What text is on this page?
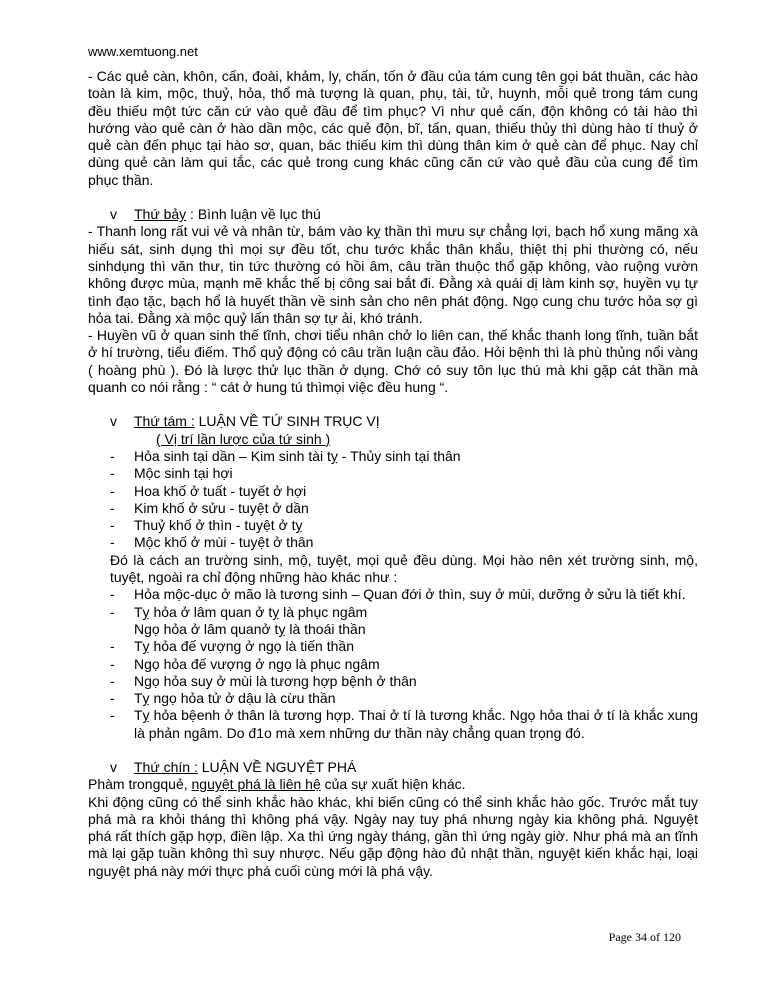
www.xemtuong.net

- Các quẻ càn, khôn, cấn, đoài, khảm, ly, chấn, tốn ở đầu của tám cung tên gọi bát thuần, các hào toàn là kim, mộc, thuỷ, hỏa, thổ mà tượng là quan, phụ, tài, tử, huynh, mỗi quẻ trong tám cung đều thiếu một tức căn cứ vào quẻ đầu để tìm phục? Vì như quẻ cấn, độn không có tài hào thì hướng vào quẻ càn ở hào dần mộc, các quẻ độn, bĩ, tấn, quan, thiếu thủy thì dùng hào tí thuỷ ở quẻ càn đến phục tại hào sơ, quan, bác thiếu kim thì dùng thân kim ở quẻ càn để phục. Nay chỉ dùng quẻ càn làm qui tắc, các quẻ trong cung khác cũng căn cứ vào quẻ đầu của cung để tìm phục thần.

v Thứ bảy : Bình luận về lục thú

- Thanh long rất vui vẻ và nhân từ, bám vào kỵ thần thì mưu sự chẳng lợi, bạch hổ xung mãng xà hiếu sát, sinh dụng thì mọi sự đều tốt, chu tước khắc thân khẩu, thiệt thị phi thường có, nếu sinhdụng thì văn thư, tin tức thường có hồi âm, câu trần thuộc thổ gặp không, vào ruộng vườn không được mùa, mạnh mẽ khắc thế bị công sai bắt đi. Đằng xà quái dị làm kinh sợ, huyền vụ tự tình đạo tặc, bạch hổ là huyết thần về sinh sản cho nên phát động. Ngọ cung chu tước hỏa sợ gì hỏa tai. Đằng xà mộc quỷ lấn thân sợ tự ải, khó tránh.

- Huyền vũ ở quan sinh thế tĩnh, chơi tiểu nhân chở lo liên can, thế khắc thanh long tĩnh, tuần bắt ở hí trường, tiểu điếm. Thổ quỷ động có câu trần luận cầu đảo. Hỏi bệnh thì là phù thủng nổi vàng ( hoàng phù ). Đó là lược thử lục thần ở dụng. Chớ có suy tôn lục thú mà khi gặp cát thần mà quanh co nói rằng : “ cát ở hung tú thìmọi việc đều hung “.

v Thứ tám : LUẬN VỀ TỨ SINH TRỤC VỊ

( Vị trí lần lược của tứ sinh )

- Hỏa sinh tại dần – Kim sinh tài tỵ - Thủy sinh tại thân
- Mộc sinh tại hợi
- Hoa khố ở tuất - tuyết ở hợi
- Kim khố ở sửu - tuyệt ở dần
- Thuỷ khố ở thìn - tuyệt ở tỵ
- Mộc khố ở mùi - tuyệt ở thân

Đó là cách an trường sinh, mộ, tuyệt, mọi quẻ đều dùng. Mọi hào nên xét trường sinh, mộ, tuyệt, ngoài ra chỉ động những hào khác như :

- Hỏa mộc-dục ở mão là tương sinh – Quan đới ở thìn, suy ở mùi, dưỡng ở sửu là tiết khí.
- Tỵ hỏa ở lâm quan ở tỵ là phục ngâm
Ngọ hỏa ở lâm quanở tỵ là thoái thần
- Tỵ hỏa đế vượng ở ngọ là tiến thần
- Ngọ hỏa đế vượng ở ngọ là phục ngâm
- Ngọ hỏa suy ở mùi là tương hợp bệnh ở thân
- Tỵ ngọ hỏa tử ở dậu là cừu thần
- Tỵ hỏa bệenh ở thân là tương hợp. Thai ở tí là tương khắc. Ngọ hỏa thai ở tí là khắc xung là phản ngâm. Do đ1o mà xem những dư thần này chẳng quan trọng đó.

v Thứ chín : LUẬN VỀ NGUYỆT PHÁ

Phàm trongquẻ, nguyệt phá là liên hệ của sự xuất hiện khác.

Khi động cũng có thể sinh khắc hào khác, khi biến cũng có thể sinh khắc hào gốc. Trước mắt tuy phá mà ra khỏi tháng thì không phá vậy. Ngày nay tuy phá nhưng ngày kia không phá. Nguyệt phá rất thích gặp hợp, điền lập. Xa thì ứng ngày tháng, gần thì ứng ngày giờ. Như phá mà an tĩnh mà lại gặp tuần không thì suy nhược. Nếu gặp động hào đủ nhật thần, nguyệt kiến khắc hại, loại nguyệt phá này mới thực phá cuối cùng mới là phá vậy.

Page 34 of 120
